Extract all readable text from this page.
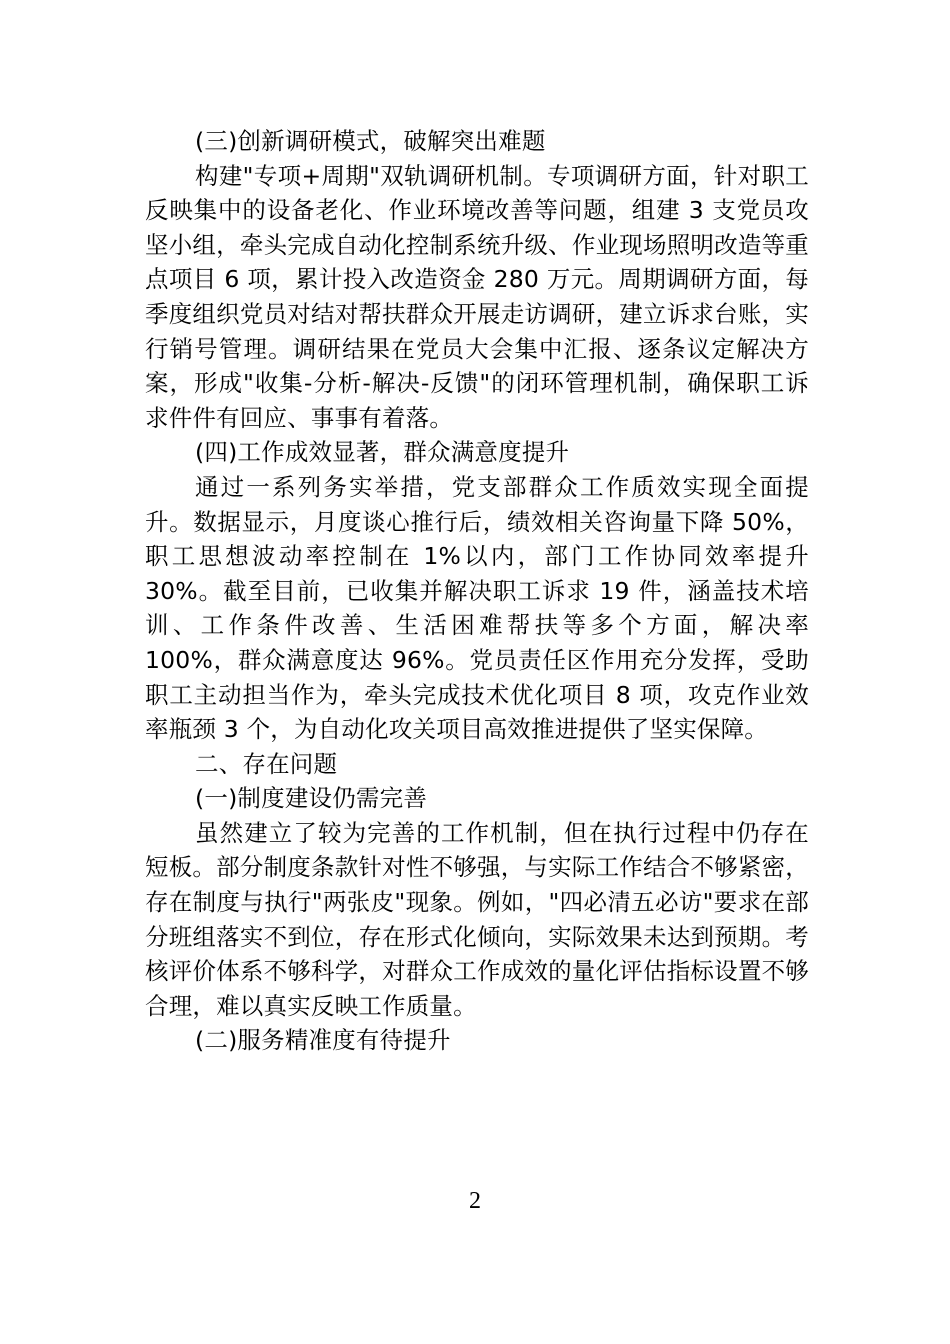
(三)创新调研模式，破解突出难题

构建"专项+周期"双轨调研机制。专项调研方面，针对职工反映集中的设备老化、作业环境改善等问题，组建 3 支党员攻坚小组，牵头完成自动化控制系统升级、作业现场照明改造等重点项目 6 项，累计投入改造资金 280 万元。周期调研方面，每季度组织党员对结对帮扶群众开展走访调研，建立诉求台账，实行销号管理。调研结果在党员大会集中汇报、逐条议定解决方案，形成"收集-分析-解决-反馈"的闭环管理机制，确保职工诉求件件有回应、事事有着落。

(四)工作成效显著，群众满意度提升

通过一系列务实举措，党支部群众工作质效实现全面提升。数据显示，月度谈心推行后，绩效相关咨询量下降 50%，职工思想波动率控制在 1%以内，部门工作协同效率提升 30%。截至目前，已收集并解决职工诉求 19 件，涵盖技术培训、工作条件改善、生活困难帮扶等多个方面，解决率 100%，群众满意度达 96%。党员责任区作用充分发挥，受助职工主动担当作为，牵头完成技术优化项目 8 项，攻克作业效率瓶颈 3 个，为自动化攻关项目高效推进提供了坚实保障。

二、存在问题

(一)制度建设仍需完善

虽然建立了较为完善的工作机制，但在执行过程中仍存在短板。部分制度条款针对性不够强，与实际工作结合不够紧密，存在制度与执行"两张皮"现象。例如，"四必清五必访"要求在部分班组落实不到位，存在形式化倾向，实际效果未达到预期。考核评价体系不够科学，对群众工作成效的量化评估指标设置不够合理，难以真实反映工作质量。

(二)服务精准度有待提升

2
